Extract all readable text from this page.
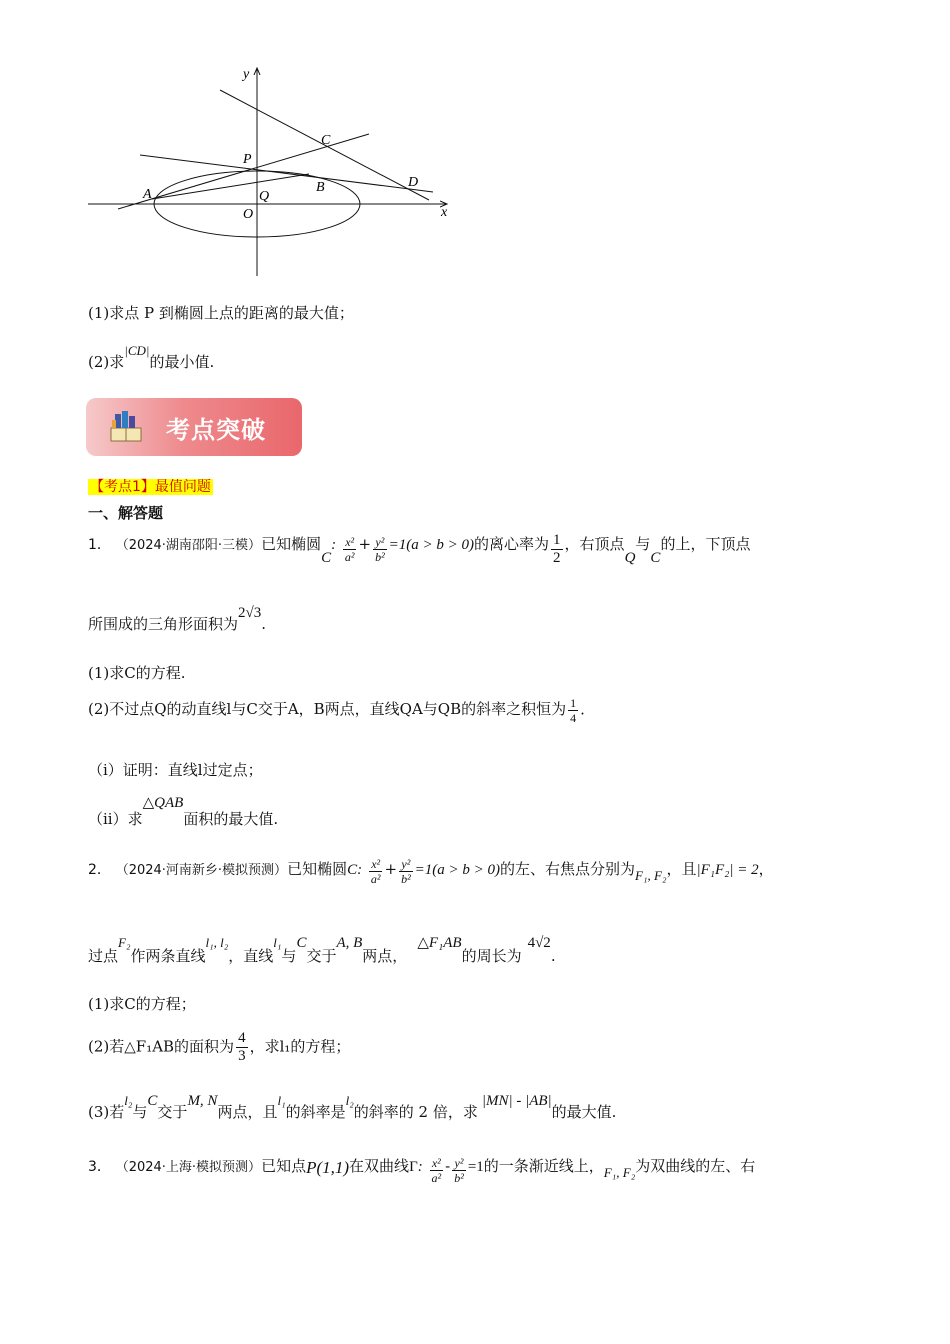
y
x
P
C
A	Q
B	D
O
(1)求点 P 到椭圆上点的距离的最大值；
(2)求|CD|的最小值.
考点突破
【考点1】最值问题
一、解答题
1． （2024·湖南邵阳·三模）已知椭圆C: $\frac{\text{x²}}{\text{a²}} + \frac{\text{y²}}{\text{b²}} =1(a > b > 0)$的离心率为 $\frac{1}{2}$ ，右顶点Q与C的上，下顶点
所围成的三角形面积为2√3.
(1)求C的方程.
(2)不过点Q的动直线l与C交于A，B两点，直线QA与QB的斜率之积恒为 $\frac{1}{4}$ .
（i）证明：直线l过定点；
（ii）求△QAB面积的最大值.
2． （2024·河南新乡·模拟预测）已知椭圆C: $\frac{\text{x²}}{\text{a²}} + \frac{\text{y²}}{\text{b²}} =1(a > b > 0)$的左、右焦点分别为F₁, F₂，且|F₁F₂| = 2，
过点F₂作两条直线l₁, l₂，直线l₁与C交于A, B两点，△F₁AB的周长为4√2.
(1)求C的方程；
(2)若△F₁AB的面积为 $\frac{4}{3}$ ，求l₁的方程；
(3)若l₂与C交于M, N两点，且l₁的斜率是l₂的斜率的 2 倍，求|MN| - |AB|的最大值.
3． （2024·上海·模拟预测）已知点P(1,1)在双曲线Γ: $\frac{\text{x²}}{\text{a²}} - \frac{\text{y²}}{\text{b²}} =1$的一条渐近线上，F₁, F₂为双曲线的左、右
